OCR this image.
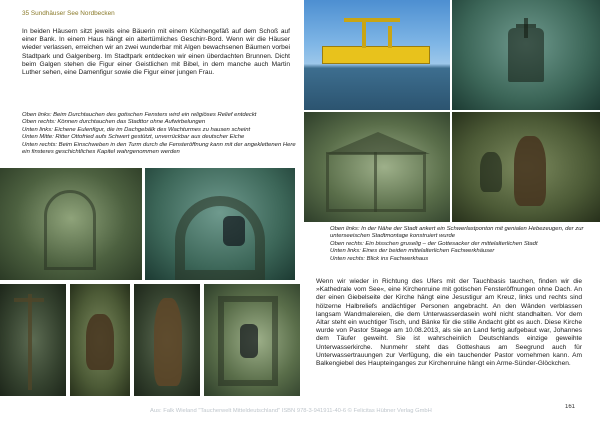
35 Sundhäuser See Nordbecken
In beiden Häusern sitzt jeweils eine Bäuerin mit einem Küchengefäß auf dem Schoß auf einer Bank. In einem Haus hängt ein altertümliches Geschirr-Bord. Wenn wir die Häuser wieder verlassen, erreichen wir an zwei wunderbar mit Algen bewachsenen Bäumen vorbei Stadtpark und Galgenberg. Im Stadtpark entdecken wir einen überdachten Brunnen. Dicht beim Galgen stehen die Figur einer Geistlichen mit Bibel, in dem manche auch Martin Luther sehen, eine Damenfigur sowie die Figur einer jungen Frau.
Oben links: Beim Durchtauchen des gotischen Fensters wird ein religiöses Relief entdeckt
Oben rechts: Können durchtauchen das Stadttor ohne Aufwirbelungen
Unten links: Eichene Eulenfigur, die im Dachgebälk des Wachturmes zu hausen scheint
Unten Mitte: Ritter Ottofried aufs Schwert gestützt, unverrückbar aus deutscher Eiche
Unten rechts: Beim Einschweben in den Turm durch die Fensteröffnung kann mit der angeklettenen Here ein finsteres geschichtliches Kapitel wahrgenommen werden
Oben links: In der Nähe der Stadt ankert ein Schwerlastponton mit genialen Hebezeugen, der zur unterseeischen Stadtmontage konstruiert wurde
Oben rechts: Ein bisschen gruselig – der Gottesacker der mittelalterlichen Stadt
Unten links: Eines der beiden mittelalterlichen Fachwerkhäuser
Unten rechts: Blick ins Fachwerkhaus
Wenn wir wieder in Richtung des Ufers mit der Tauchbasis tauchen, finden wir die »Kathedrale vom See«, eine Kirchenruine mit gotischen Fensteröffnungen ohne Dach. An der einen Giebelseite der Kirche hängt eine Jesustigur am Kreuz, links und rechts sind hölzerne Halbreliefs andächtiger Personen angebracht. An den Wänden verblassen langsam Wandmalereien, die dem Unterwasserdasein wohl nicht standhalten. Vor dem Altar steht ein wuchtiger Tisch, und Bänke für die stille Andacht gibt es auch. Diese Kirche wurde von Pastor Staege am 10.08.2013, als sie an Land fertig aufgebaut war, Johannes dem Täufer geweiht. Sie ist wahrscheinlich Deutschlands einzige geweihte Unterwasserkirche. Nunmehr steht das Gotteshaus am Seegrund auch für Unterwassertrauungen zur Verfügung, die ein tauchender Pastor vornehmen kann. Am Balkengiebel des Haupteinganges zur Kirchenruine hängt ein Arme-Sünder-Glöckchen.
Aus: Falk Wieland "Taucherwelt Mitteldeutschland" ISBN 978-3-941911-40-6 © Felicitas Hübner Verlag GmbH
161
